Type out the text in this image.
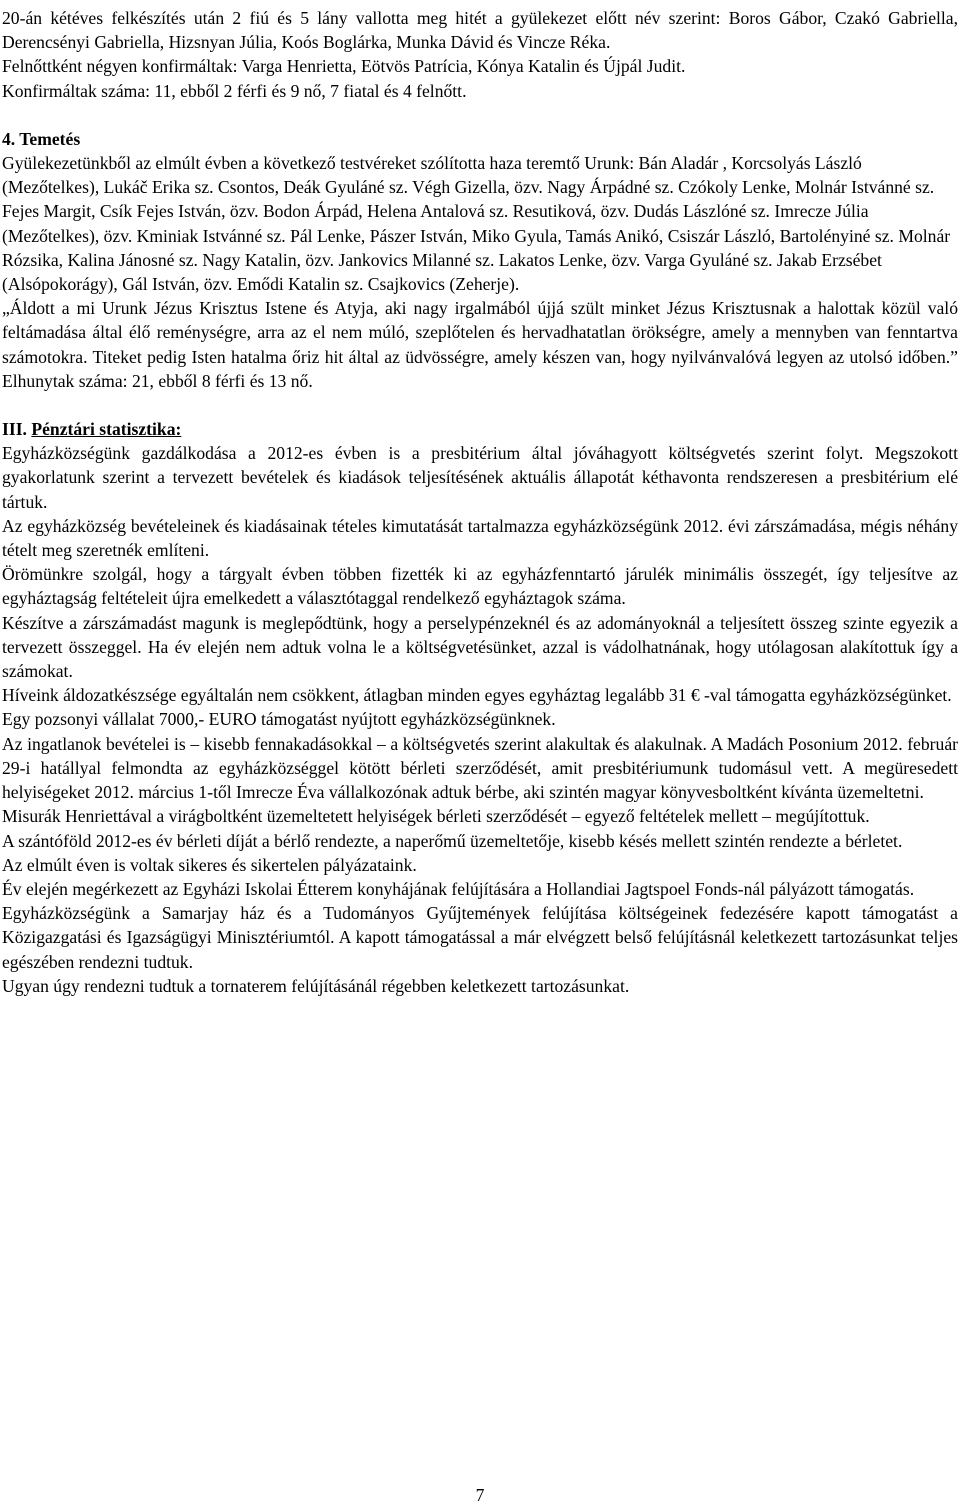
20-án kétéves felkészítés után 2 fiú és 5 lány vallotta meg hitét a gyülekezet előtt név szerint: Boros Gábor, Czakó Gabriella, Derencsényi Gabriella, Hizsnyan Júlia, Koós Boglárka, Munka Dávid és Vincze Réka.

Felnőttként négyen konfirmáltak: Varga Henrietta, Eötvös Patrícia, Kónya Katalin és Újpál Judit.

Konfirmáltak száma: 11, ebből 2 férfi és 9 nő, 7 fiatal és 4 felnőtt.

4. Temetés

Gyülekezetünkből az elmúlt évben a következő testvéreket szólította haza teremtő Urunk: Bán Aladár , Korcsolyás László (Mezőtelkes), Lukáč Erika sz. Csontos, Deák Gyuláné sz. Végh Gizella, özv. Nagy Árpádné sz. Czókoly Lenke, Molnár Istvánné sz. Fejes Margit, Csík Fejes István, özv. Bodon Árpád, Helena Antalová sz. Resutiková, özv. Dudás Lászlóné sz. Imrecze Júlia (Mezőtelkes), özv. Kminiak Istvánné sz. Pál Lenke, Pászer István, Miko Gyula, Tamás Anikó, Csiszár László, Bartolényiné sz. Molnár Rózsika, Kalina Jánosné sz. Nagy Katalin, özv. Jankovics Milanné sz. Lakatos Lenke, özv. Varga Gyuláné sz. Jakab Erzsébet (Alsópokorágy), Gál István, özv. Emődi Katalin sz. Csajkovics (Zeherje).

„Áldott a mi Urunk Jézus Krisztus Istene és Atyja, aki nagy irgalmából újjá szült minket Jézus Krisztusnak a halottak közül való feltámadása által élő reménységre, arra az el nem múló, szeplőtelen és hervadhatatlan örökségre, amely a mennyben van fenntartva számotokra. Titeket pedig Isten hatalma őriz hit által az üdvösségre, amely készen van, hogy nyilvánvalóvá legyen az utolsó időben.” Elhunytak száma: 21, ebből 8 férfi és 13 nő.

III. Pénztári statisztika:

Egyházközségünk gazdálkodása a 2012-es évben is a presbitérium által jóváhagyott költségvetés szerint folyt. Megszokott gyakorlatunk szerint a tervezett bevételek és kiadások teljesítésének aktuális állapotát kéthavonta rendszeresen a presbitérium elé tártuk.

Az egyházközség bevételeinek és kiadásainak tételes kimutatását tartalmazza egyházközségünk 2012. évi zárszámadása, mégis néhány tételt meg szeretnék említeni.

Örömünkre szolgál, hogy a tárgyalt évben többen fizették ki az egyházfenntartó járulék minimális összegét, így teljesítve az egyháztagság feltételeit újra emelkedett a választótaggal rendelkező egyháztagok száma.

Készítve a zárszámadást magunk is meglepődtünk, hogy a perselypénzeknél és az adományoknál a teljesített összeg szinte egyezik a tervezett összeggel. Ha év elején nem adtuk volna le a költségvetésünket, azzal is vádolhatnának, hogy utólagosan alakítottuk így a számokat.

Híveink áldozatkészsége egyáltalán nem csökkent, átlagban minden egyes egyháztag legalább 31 € -val támogatta egyházközségünket.

Egy pozsonyi vállalat 7000,- EURO támogatást nyújtott egyházközségünknek.

Az ingatlanok bevételei is – kisebb fennakadásokkal – a költségvetés szerint alakultak és alakulnak. A Madách Posonium 2012. február 29-i hatállyal felmondta az egyházközséggel kötött bérleti szerződését, amit presbitériumunk tudomásul vett. A megüresedett helyiségeket 2012. március 1-től Imrecze Éva vállalkozónak adtuk bérbe, aki szintén magyar könyvesboltként kívánta üzemeltetni.

Misurák Henriettával a virágboltként üzemeltetett helyiségek bérleti szerződését – egyező feltételek mellett – megújítottuk.

A szántóföld 2012-es év bérleti díját a bérlő rendezte, a naperőmű üzemeltetője, kisebb késés mellett szintén rendezte a bérletet.

Az elmúlt éven is voltak sikeres és sikertelen pályázataink.

Év elején megérkezett az Egyházi Iskolai Étterem konyhájának felújítására a Hollandiai Jagtspoel Fonds-nál pályázott támogatás.

Egyházközségünk a Samarjay ház és a Tudományos Gyűjtemények felújítása költségeinek fedezésére kapott támogatást a Közigazgatási és Igazságügyi Minisztériumtól. A kapott támogatással a már elvégzett belső felújításnál keletkezett tartozásunkat teljes egészében rendezni tudtuk.

Ugyan úgy rendezni tudtuk a tornaterem felújításánál régebben keletkezett tartozásunkat.

7
